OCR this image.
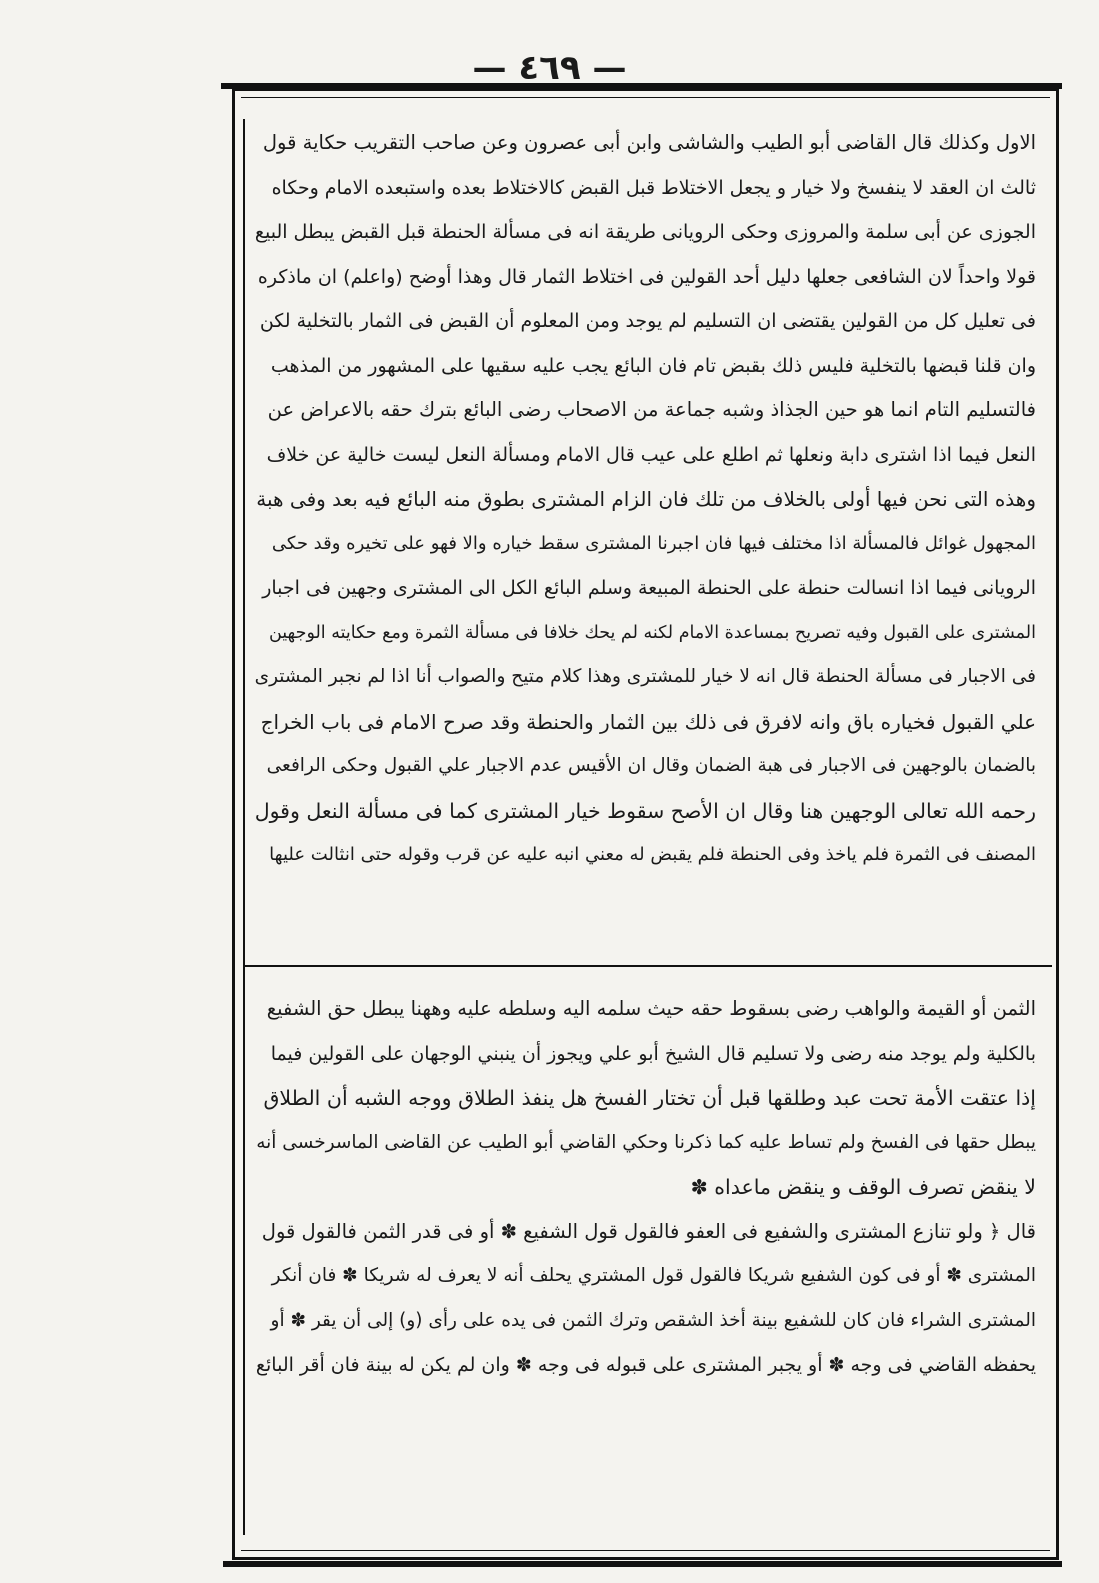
— ٤٦٩ —
الاول وكذلك قال القاضى أبو الطيب والشاشى وابن أبى عصرون وعن صاحب التقريب حكاية قول
ثالث ان العقد لا ينفسخ ولا خيار و يجعل الاختلاط قبل القبض كالاختلاط بعده واستبعده الامام وحكاه
الجوزى عن أبى سلمة والمروزى وحكى الرويانى طريقة انه فى مسألة الحنطة قبل القبض يبطل البيع
قولا واحداً لان الشافعى جعلها دليل أحد القولين فى اختلاط الثمار قال وهذا أوضح (واعلم) ان ماذكره
فى تعليل كل من القولين يقتضى ان التسليم لم يوجد ومن المعلوم أن القبض فى الثمار بالتخلية لكن
وان قلنا قبضها بالتخلية فليس ذلك بقبض تام فان البائع يجب عليه سقيها على المشهور من المذهب
فالتسليم التام انما هو حين الجذاذ وشبه جماعة من الاصحاب رضى البائع بترك حقه بالاعراض عن
النعل فيما اذا اشترى دابة ونعلها ثم اطلع على عيب قال الامام ومسألة النعل ليست خالية عن خلاف
وهذه التى نحن فيها أولى بالخلاف من تلك فان الزام المشترى بطوق منه البائع فيه بعد وفى هبة
المجهول غوائل فالمسألة اذا مختلف فيها فان اجبرنا المشترى سقط خياره والا فهو على تخيره وقد حكى
الرويانى فيما اذا انسالت حنطة على الحنطة المبيعة وسلم البائع الكل الى المشترى وجهين فى اجبار
المشترى على القبول وفيه تصريح بمساعدة الامام لكنه لم يحك خلافا فى مسألة الثمرة ومع حكايته الوجهين
فى الاجبار فى مسألة الحنطة قال انه لا خيار للمشترى وهذا كلام متيح والصواب أنا اذا لم نجبر المشترى
علي القبول فخياره باق وانه لافرق فى ذلك بين الثمار والحنطة وقد صرح الامام فى باب الخراج
بالضمان بالوجهين فى الاجبار فى هبة الضمان وقال ان الأقيس عدم الاجبار علي القبول وحكى الرافعى
رحمه الله تعالى الوجهين هنا وقال ان الأصح سقوط خيار المشترى كما فى مسألة النعل وقول
المصنف فى الثمرة فلم ياخذ وفى الحنطة فلم يقبض له معني انبه عليه عن قرب وقوله حتى انثالت عليها
الثمن أو القيمة والواهب رضى بسقوط حقه حيث سلمه اليه وسلطه عليه وههنا يبطل حق الشفيع
بالكلية ولم يوجد منه رضى ولا تسليم قال الشيخ أبو علي ويجوز أن ينبني الوجهان على القولين فيما
إذا عتقت الأمة تحت عبد وطلقها قبل أن تختار الفسخ هل ينفذ الطلاق ووجه الشبه أن الطلاق
يبطل حقها فى الفسخ ولم تساط عليه كما ذكرنا وحكي القاضي أبو الطيب عن القاضى الماسرخسى أنه
لا ينقض تصرف الوقف و ينقض ماعداه ✽
قال ﴿ ولو تنازع المشترى والشفيع فى العفو فالقول قول الشفيع ✽ أو فى قدر الثمن فالقول قول
المشترى ✽ أو فى كون الشفيع شريكا فالقول قول المشتري يحلف أنه لا يعرف له شريكا ✽ فان أنكر
المشترى الشراء فان كان للشفيع بينة أخذ الشقص وترك الثمن فى يده على رأى (و) إلى أن يقر ✽ أو
يحفظه القاضي فى وجه ✽ أو يجبر المشترى على قبوله فى وجه ✽ وان لم يكن له بينة فان أقر البائع
